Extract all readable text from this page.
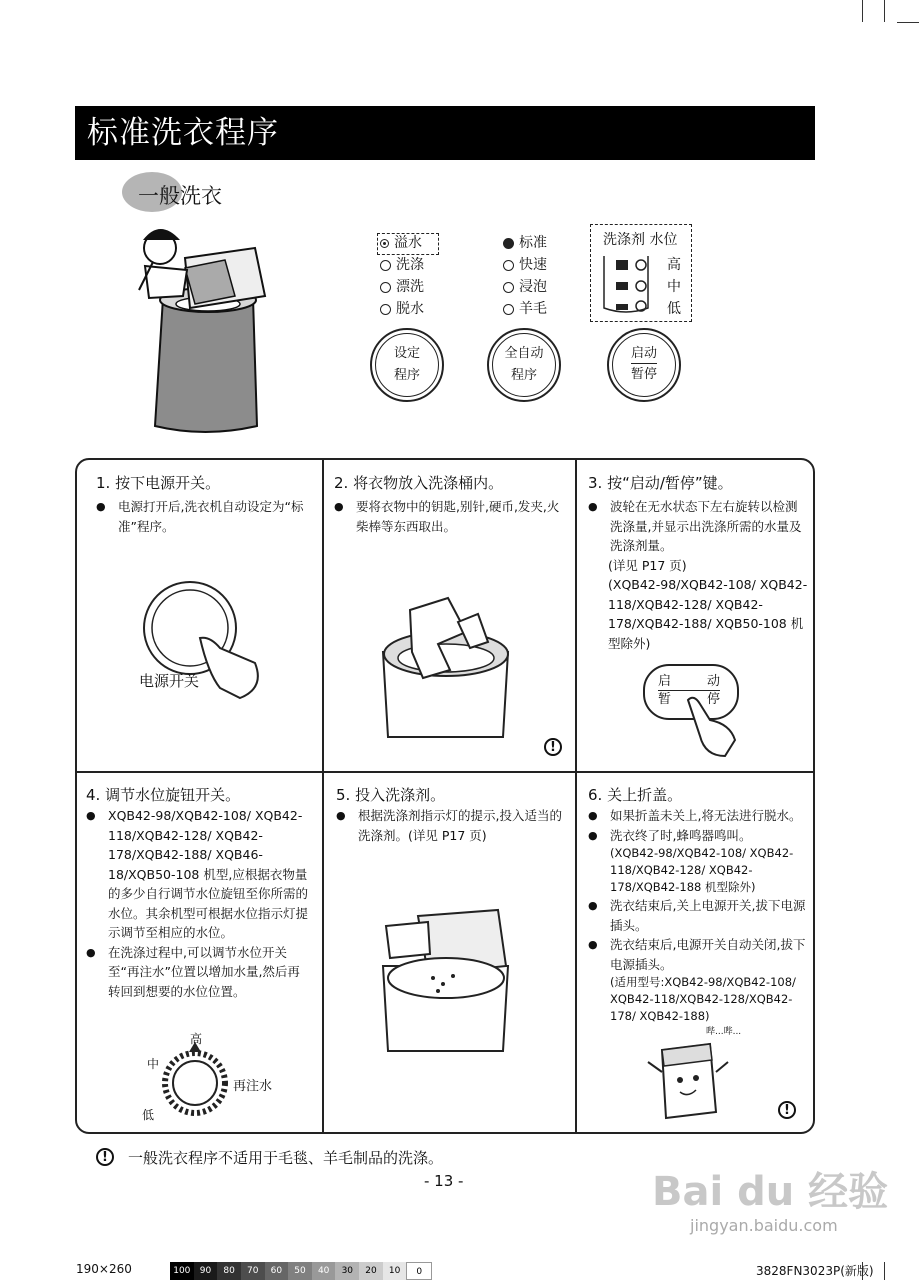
标准洗衣程序
一般洗衣
溢水
洗涤
漂洗
脱水
标准
快速
浸泡
羊毛
洗涤剂 水位
高
中
低
设定
程序
全自动
程序
启动
暂停
1. 按下电源开关。
● 电源打开后,洗衣机自动设定为“标准”程序。
电源开关
2. 将衣物放入洗涤桶内。
● 要将衣物中的钥匙,别针,硬币,发夹,火柴棒等东西取出。
!
3. 按“启动/暂停”键。
● 波轮在无水状态下左右旋转以检测洗涤量,并显示出洗涤所需的水量及洗涤剂量。
(详见 P17 页)
(XQB42-98/XQB42-108/ XQB42-118/XQB42-128/ XQB42-178/XQB42-188/ XQB50-108 机型除外)
启	动
暂	停
4. 调节水位旋钮开关。
● XQB42-98/XQB42-108/ XQB42-118/XQB42-128/ XQB42-178/XQB42-188/ XQB46-18/XQB50-108 机型,应根据衣物量的多少自行调节水位旋钮至你所需的水位。其余机型可根据水位指示灯提示调节至相应的水位。
● 在洗涤过程中,可以调节水位开关至“再注水”位置以增加水量,然后再转回到想要的水位位置。
高
中
低
再注水
5. 投入洗涤剂。
● 根据洗涤剂指示灯的提示,投入适当的洗涤剂。(详见 P17 页)
6. 关上折盖。
● 如果折盖未关上,将无法进行脱水。
● 洗衣终了时,蜂鸣器鸣叫。
(XQB42-98/XQB42-108/ XQB42-118/XQB42-128/ XQB42-178/XQB42-188 机型除外)
● 洗衣结束后,关上电源开关,拔下电源插头。
● 洗衣结束后,电源开关自动关闭,拔下电源插头。
(适用型号:XQB42-98/XQB42-108/ XQB42-118/XQB42-128/XQB42-178/ XQB42-188)
哔...哔...
!
!	一般洗衣程序不适用于毛毯、羊毛制品的洗涤。
- 13 -	Bai du 经验
jingyan.baidu.com
190×260	100	90	80	70	60	50	40	30	20	10	0	3828FN3023P(新版)
